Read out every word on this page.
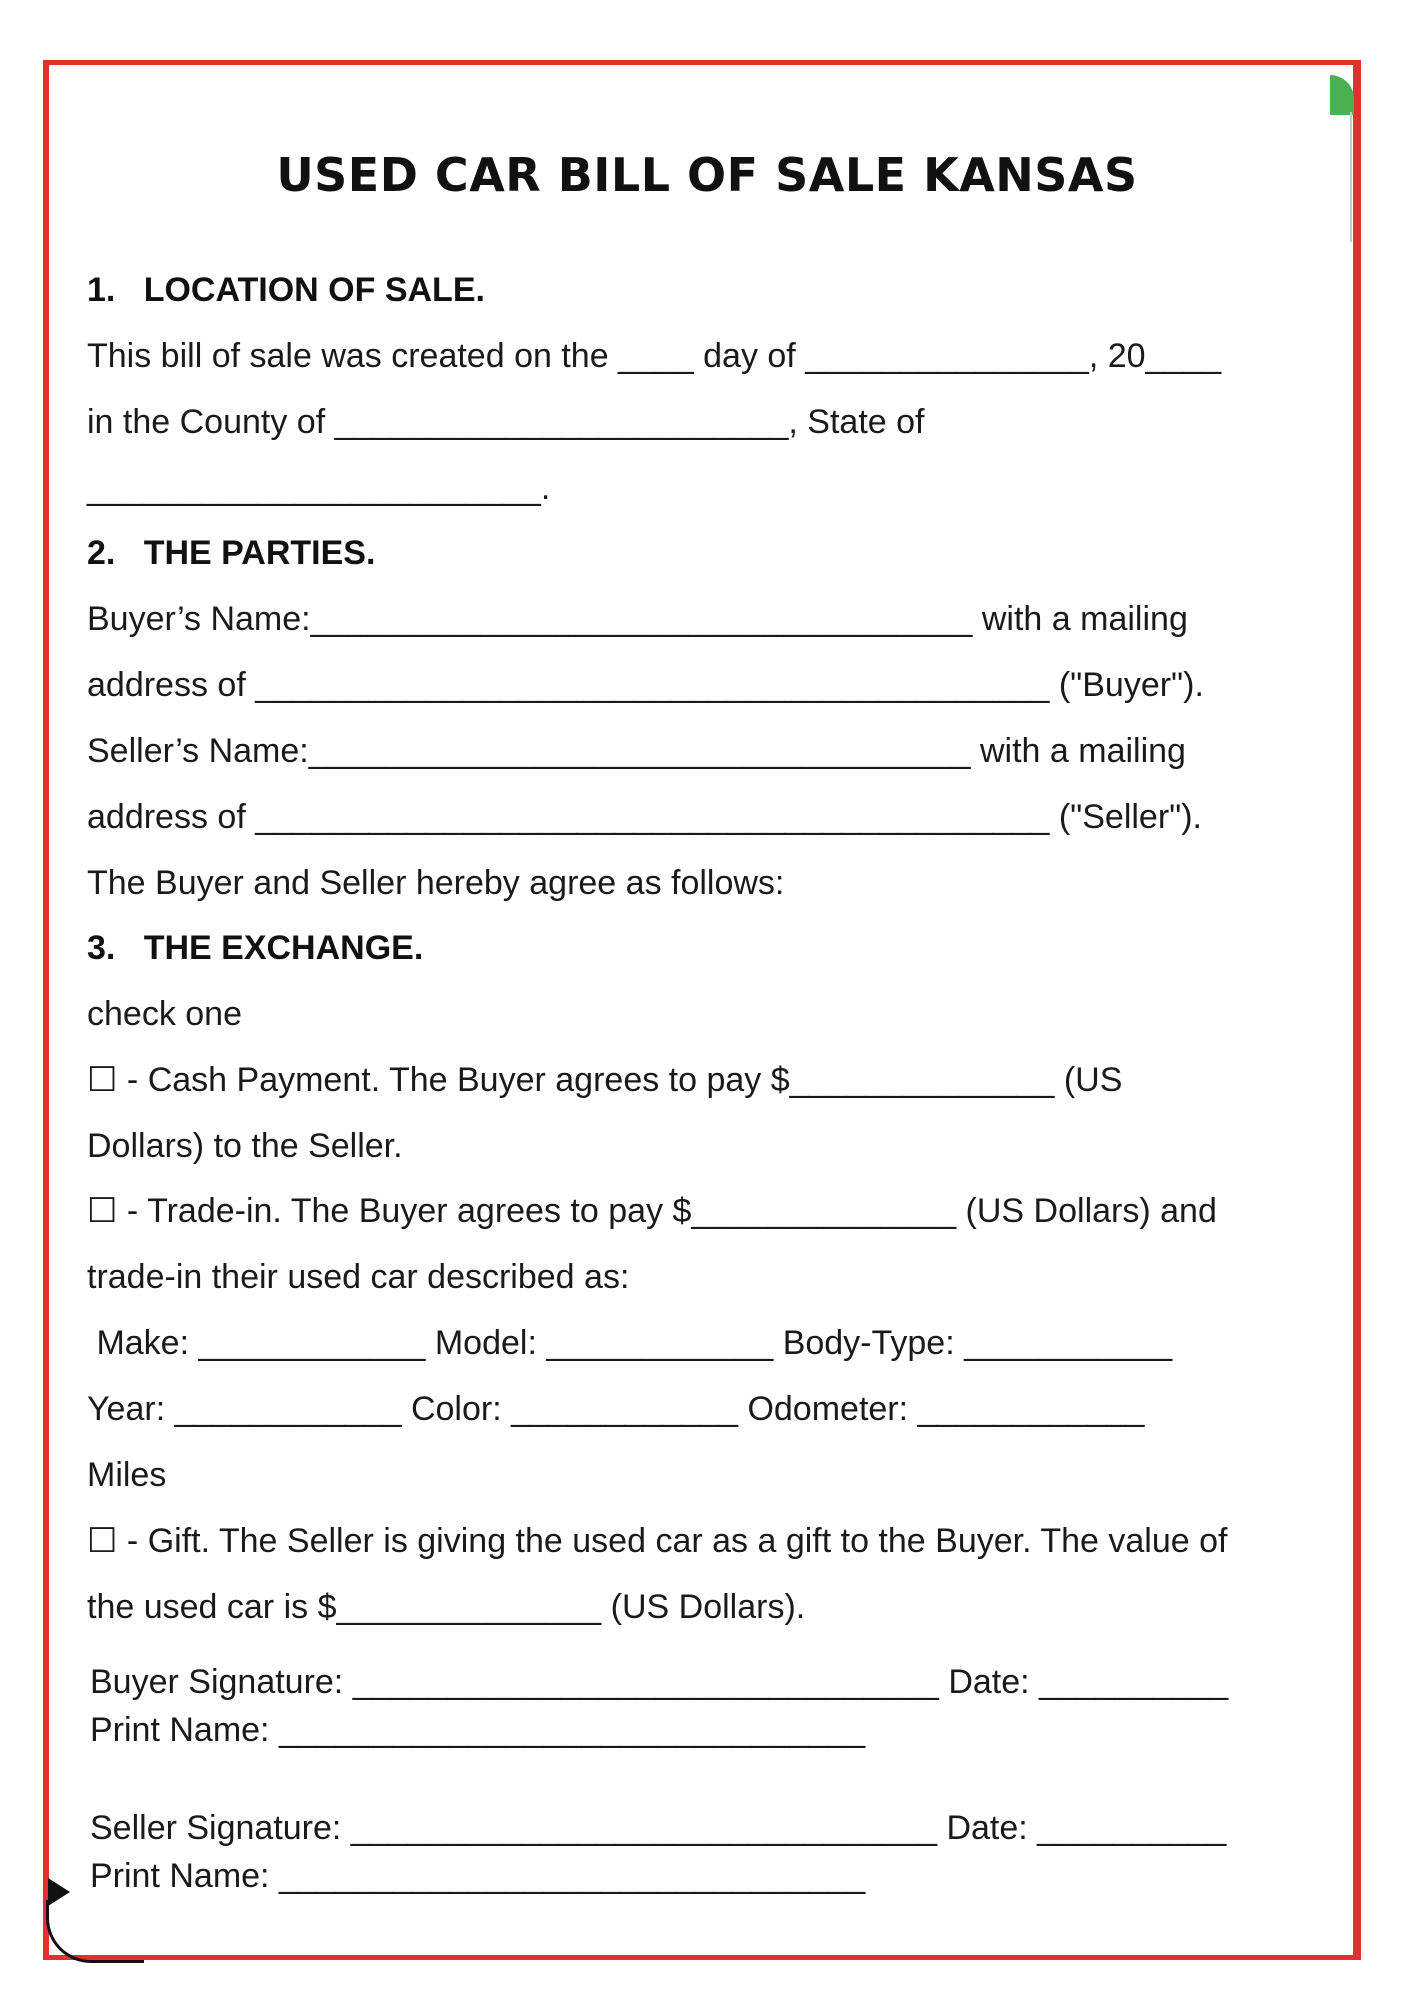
USED CAR BILL OF SALE KANSAS
1.   LOCATION OF SALE.
This bill of sale was created on the ____ day of _______________, 20____
in the County of ________________________, State of
________________________.
2.   THE PARTIES.
Buyer’s Name:___________________________________ with a mailing
address of __________________________________________ ("Buyer").
Seller’s Name:___________________________________ with a mailing
address of __________________________________________ ("Seller").
The Buyer and Seller hereby agree as follows:
3.   THE EXCHANGE.
check one
☐ - Cash Payment. The Buyer agrees to pay $______________ (US
Dollars) to the Seller.
☐ - Trade-in. The Buyer agrees to pay $______________ (US Dollars) and
trade-in their used car described as:
Make: ____________ Model: ____________ Body-Type: ___________
Year: ____________ Color: ____________ Odometer: ____________
Miles
☐ - Gift. The Seller is giving the used car as a gift to the Buyer. The value of
the used car is $______________ (US Dollars).
Buyer Signature: _______________________________ Date: __________
Print Name: _______________________________
Seller Signature: _______________________________ Date: __________
Print Name: _______________________________
